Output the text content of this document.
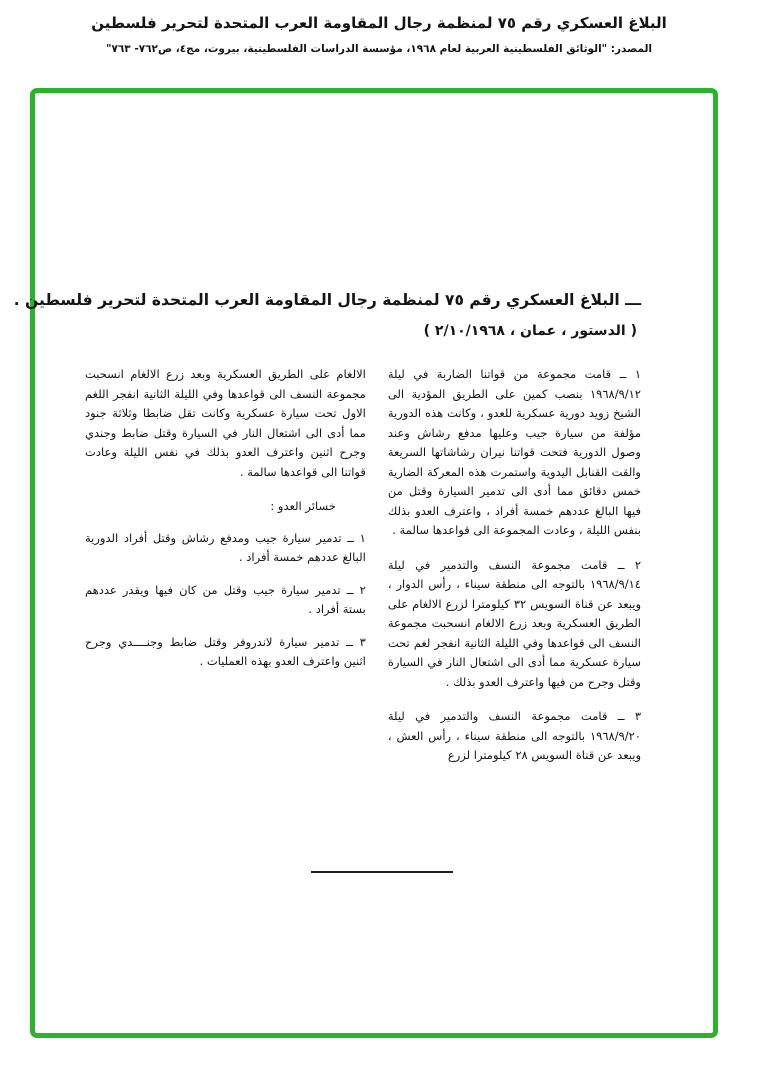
البلاغ العسكري رقم ٧٥ لمنظمة رجال المقاومة العرب المتحدة لتحرير فلسطين
المصدر: "الوثائق الفلسطينية العربية لعام ١٩٦٨، مؤسسة الدراسات الفلسطينية، بيروت، مج٤، ص٧٦٢- ٧٦٣"
ـــ البلاغ العسكري رقم ٧٥ لمنظمة رجال المقاومة العرب المتحدة لتحرير فلسطين .
( الدستور ، عمان ، ٢/١٠/١٩٦٨ )

١ ــ قامت مجموعة من قواتنا الضاربة في ليلة ١٩٦٨/٩/١٢ بنصب كمين على الطريق المؤدية الى الشيخ زويد دورية عسكرية للعدو ، وكانت هذه الدورية مؤلفة من سيارة جيب وعليها مدفع رشاش وعند وصول الدورية فتحت قواتنا نيران رشاشاتها السريعة والقت القنابل اليدوية واستمرت هذه المعركة الضارية خمس دقائق مما أدى الى تدمير السيارة وقتل من فيها البالغ عددهم خمسة أفراد ، واعترف العدو بذلك بنفس الليلة ، وعادت المجموعة الى قواعدها سالمة .

٢ ــ قامت مجموعة النسف والتدمير في ليلة ١٩٦٨/٩/١٤ بالتوجه الى منطقة سيناء ، رأس الدوار ، ويبعد عن قناة السويس ٣٢ كيلومترا لزرع الالغام على الطريق العسكرية وبعد زرع الالغام انسحبت مجموعة النسف الى قواعدها وفي الليلة الثانية انفجر لغم تحت سيارة عسكرية مما أدى الى اشتعال النار في السيارة وقتل وجرح من فيها واعترف العدو بذلك .

٣ ــ قامت مجموعة النسف والتدمير في ليلة ١٩٦٨/٩/٢٠ بالتوجه الى منطقة سيناء ، رأس العش ، ويبعد عن قناة السويس ٢٨ كيلومترا لزرع

الالغام على الطريق العسكرية وبعد زرع الالغام انسحبت مجموعة النسف الى قواعدها وفي الليلة الثانية انفجر اللغم الاول تحت سيارة عسكرية وكانت تقل ضابطا وثلاثة جنود مما أدى الى اشتعال النار في السيارة وقتل ضابط وجندي وجرح اثنين واعترف العدو بذلك في نفس الليلة وعادت قواتنا الى قواعدها سالمة .

خسائر العدو :

١ ــ تدمير سيارة جيب ومدفع رشاش وقتل أفراد الدورية البالغ عددهم خمسة أفراد .

٢ ــ تدمير سيارة جيب وقتل من كان فيها ويقدر عددهم بستة أفراد .

٣ ــ تدمير سيارة لاندروفر وقتل ضابط وجنــــدي وجرح اثنين واعترف العدو بهذه العمليات .
